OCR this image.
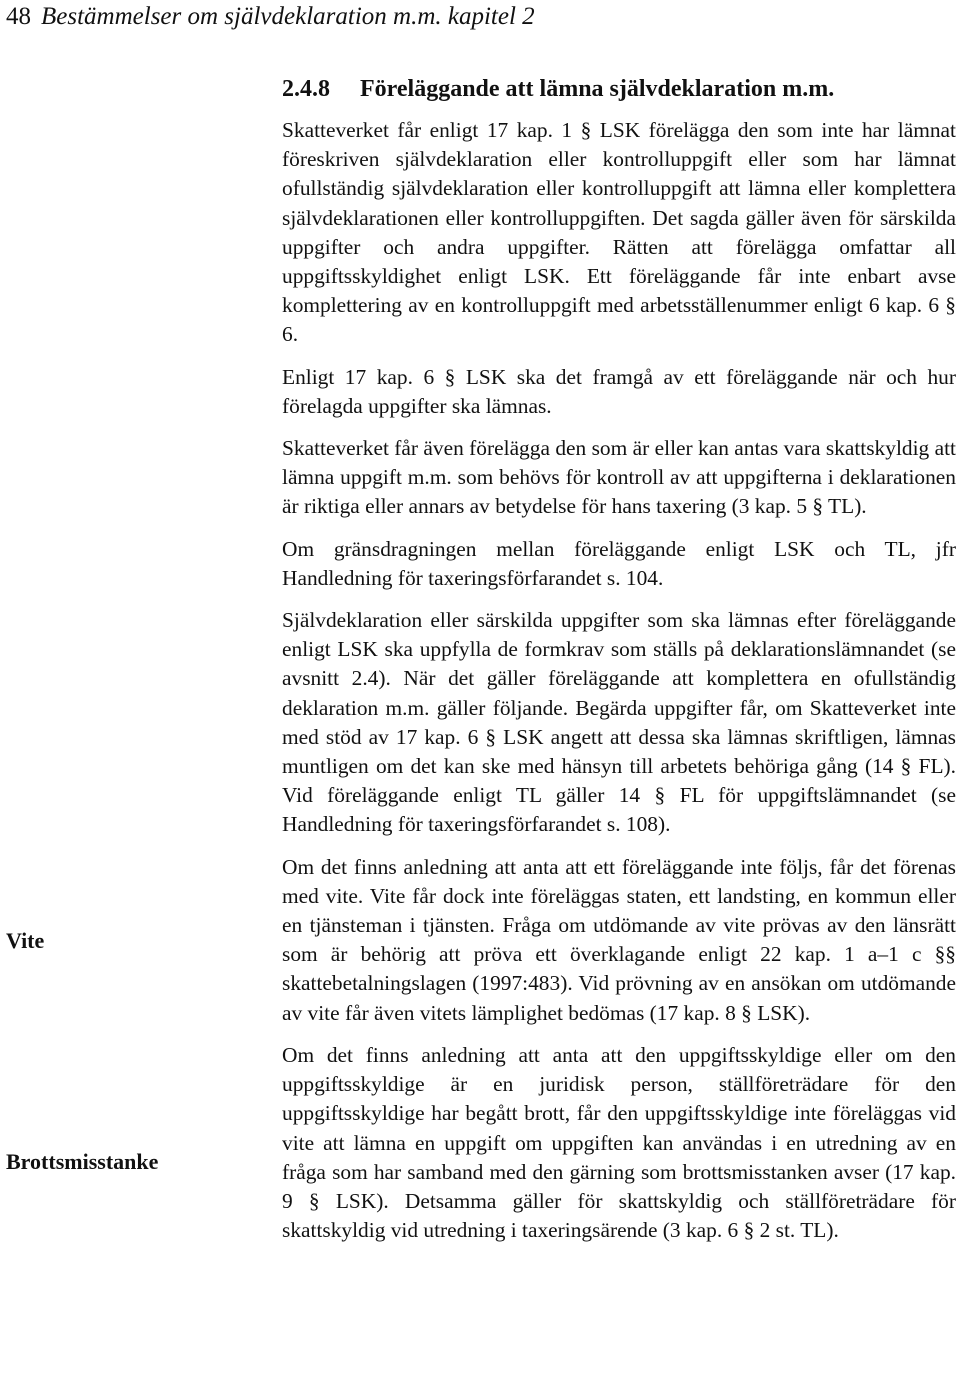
48 Bestämmelser om självdeklaration m.m. kapitel 2
2.4.8 Föreläggande att lämna självdeklaration m.m.
Vite
Brottsmisstanke

Skatteverket får enligt 17 kap. 1 § LSK förelägga den som inte har lämnat föreskriven självdeklaration eller kontrolluppgift eller som har lämnat ofullständig självdeklaration eller kontrolluppgift att lämna eller komplettera självdeklarationen eller kontrolluppgiften. Det sagda gäller även för särskilda uppgifter och andra uppgifter. Rätten att förelägga omfattar all uppgiftsskyldighet enligt LSK. Ett föreläggande får inte enbart avse komplettering av en kontrolluppgift med arbetsställenummer enligt 6 kap. 6 § 6.

Enligt 17 kap. 6 § LSK ska det framgå av ett föreläggande när och hur förelagda uppgifter ska lämnas.

Skatteverket får även förelägga den som är eller kan antas vara skattskyldig att lämna uppgift m.m. som behövs för kontroll av att uppgifterna i deklarationen är riktiga eller annars av betydelse för hans taxering (3 kap. 5 § TL).

Om gränsdragningen mellan föreläggande enligt LSK och TL, jfr Handledning för taxeringsförfarandet s. 104.

Självdeklaration eller särskilda uppgifter som ska lämnas efter föreläggande enligt LSK ska uppfylla de formkrav som ställs på deklarationslämnandet (se avsnitt 2.4). När det gäller föreläggande att komplettera en ofullständig deklaration m.m. gäller följande. Begärda uppgifter får, om Skatteverket inte med stöd av 17 kap. 6 § LSK angett att dessa ska lämnas skriftligen, lämnas muntligen om det kan ske med hänsyn till arbetets behöriga gång (14 § FL). Vid föreläggande enligt TL gäller 14 § FL för uppgiftslämnandet (se Handledning för taxeringsförfarandet s. 108).

Om det finns anledning att anta att ett föreläggande inte följs, får det förenas med vite. Vite får dock inte föreläggas staten, ett landsting, en kommun eller en tjänsteman i tjänsten. Fråga om utdömande av vite prövas av den länsrätt som är behörig att pröva ett överklagande enligt 22 kap. 1 a–1 c §§ skattebetalningslagen (1997:483). Vid prövning av en ansökan om utdömande av vite får även vitets lämplighet bedömas (17 kap. 8 § LSK).

Om det finns anledning att anta att den uppgiftsskyldige eller om den uppgiftsskyldige är en juridisk person, ställföreträdare för den uppgiftsskyldige har begått brott, får den uppgiftsskyldige inte föreläggas vid vite att lämna en uppgift om uppgiften kan användas i en utredning av en fråga som har samband med den gärning som brottsmisstanken avser (17 kap. 9 § LSK). Detsamma gäller för skattskyldig och ställföreträdare för skattskyldig vid utredning i taxeringsärende (3 kap. 6 § 2 st. TL).
